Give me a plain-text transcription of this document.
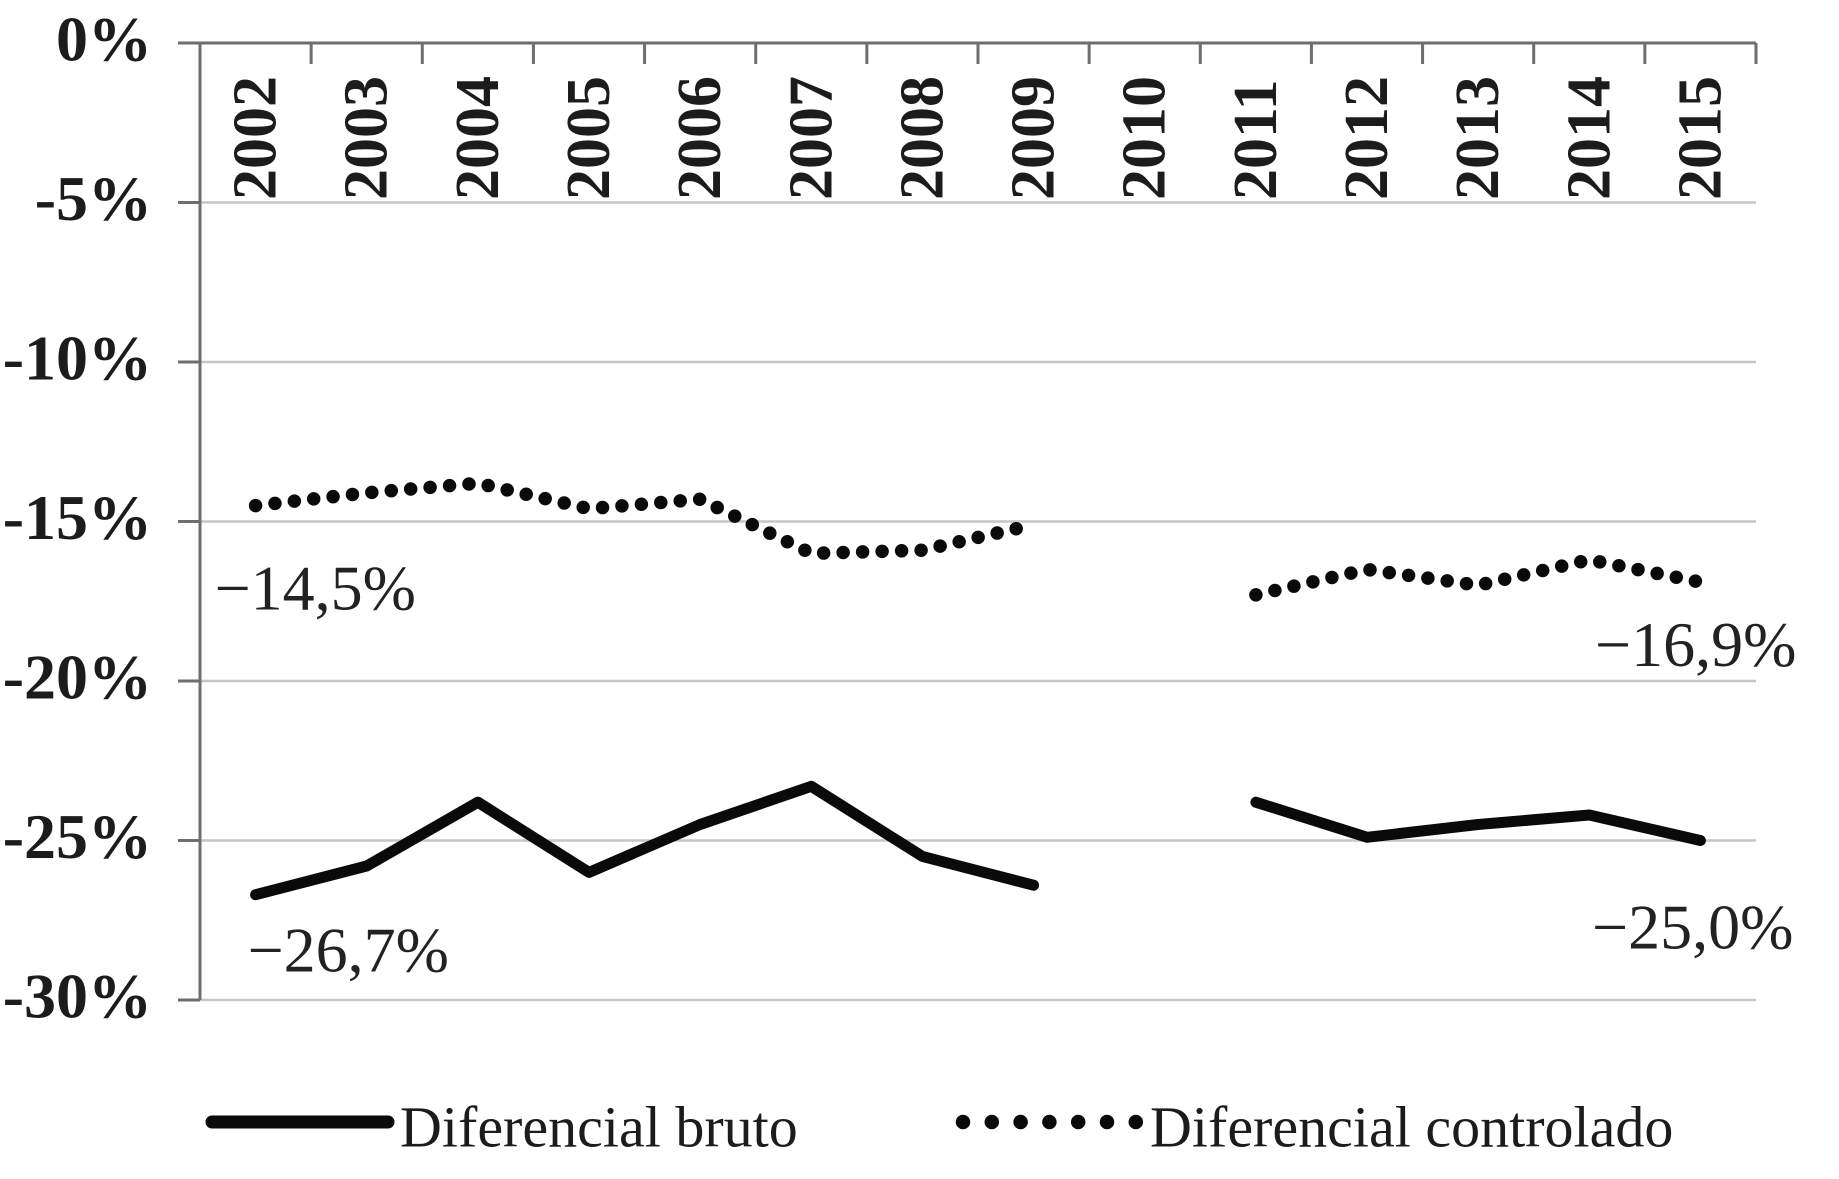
0%
-5%
-10%
-15%
-20%
-25%
-30%
2002 2003 2004 2005 2006 2007 2008 2009 2010 2011 2012 2013 2014 2015
−14,5%
−26,7%
−16,9%
−25,0%
Diferencial bruto	Diferencial controlado
